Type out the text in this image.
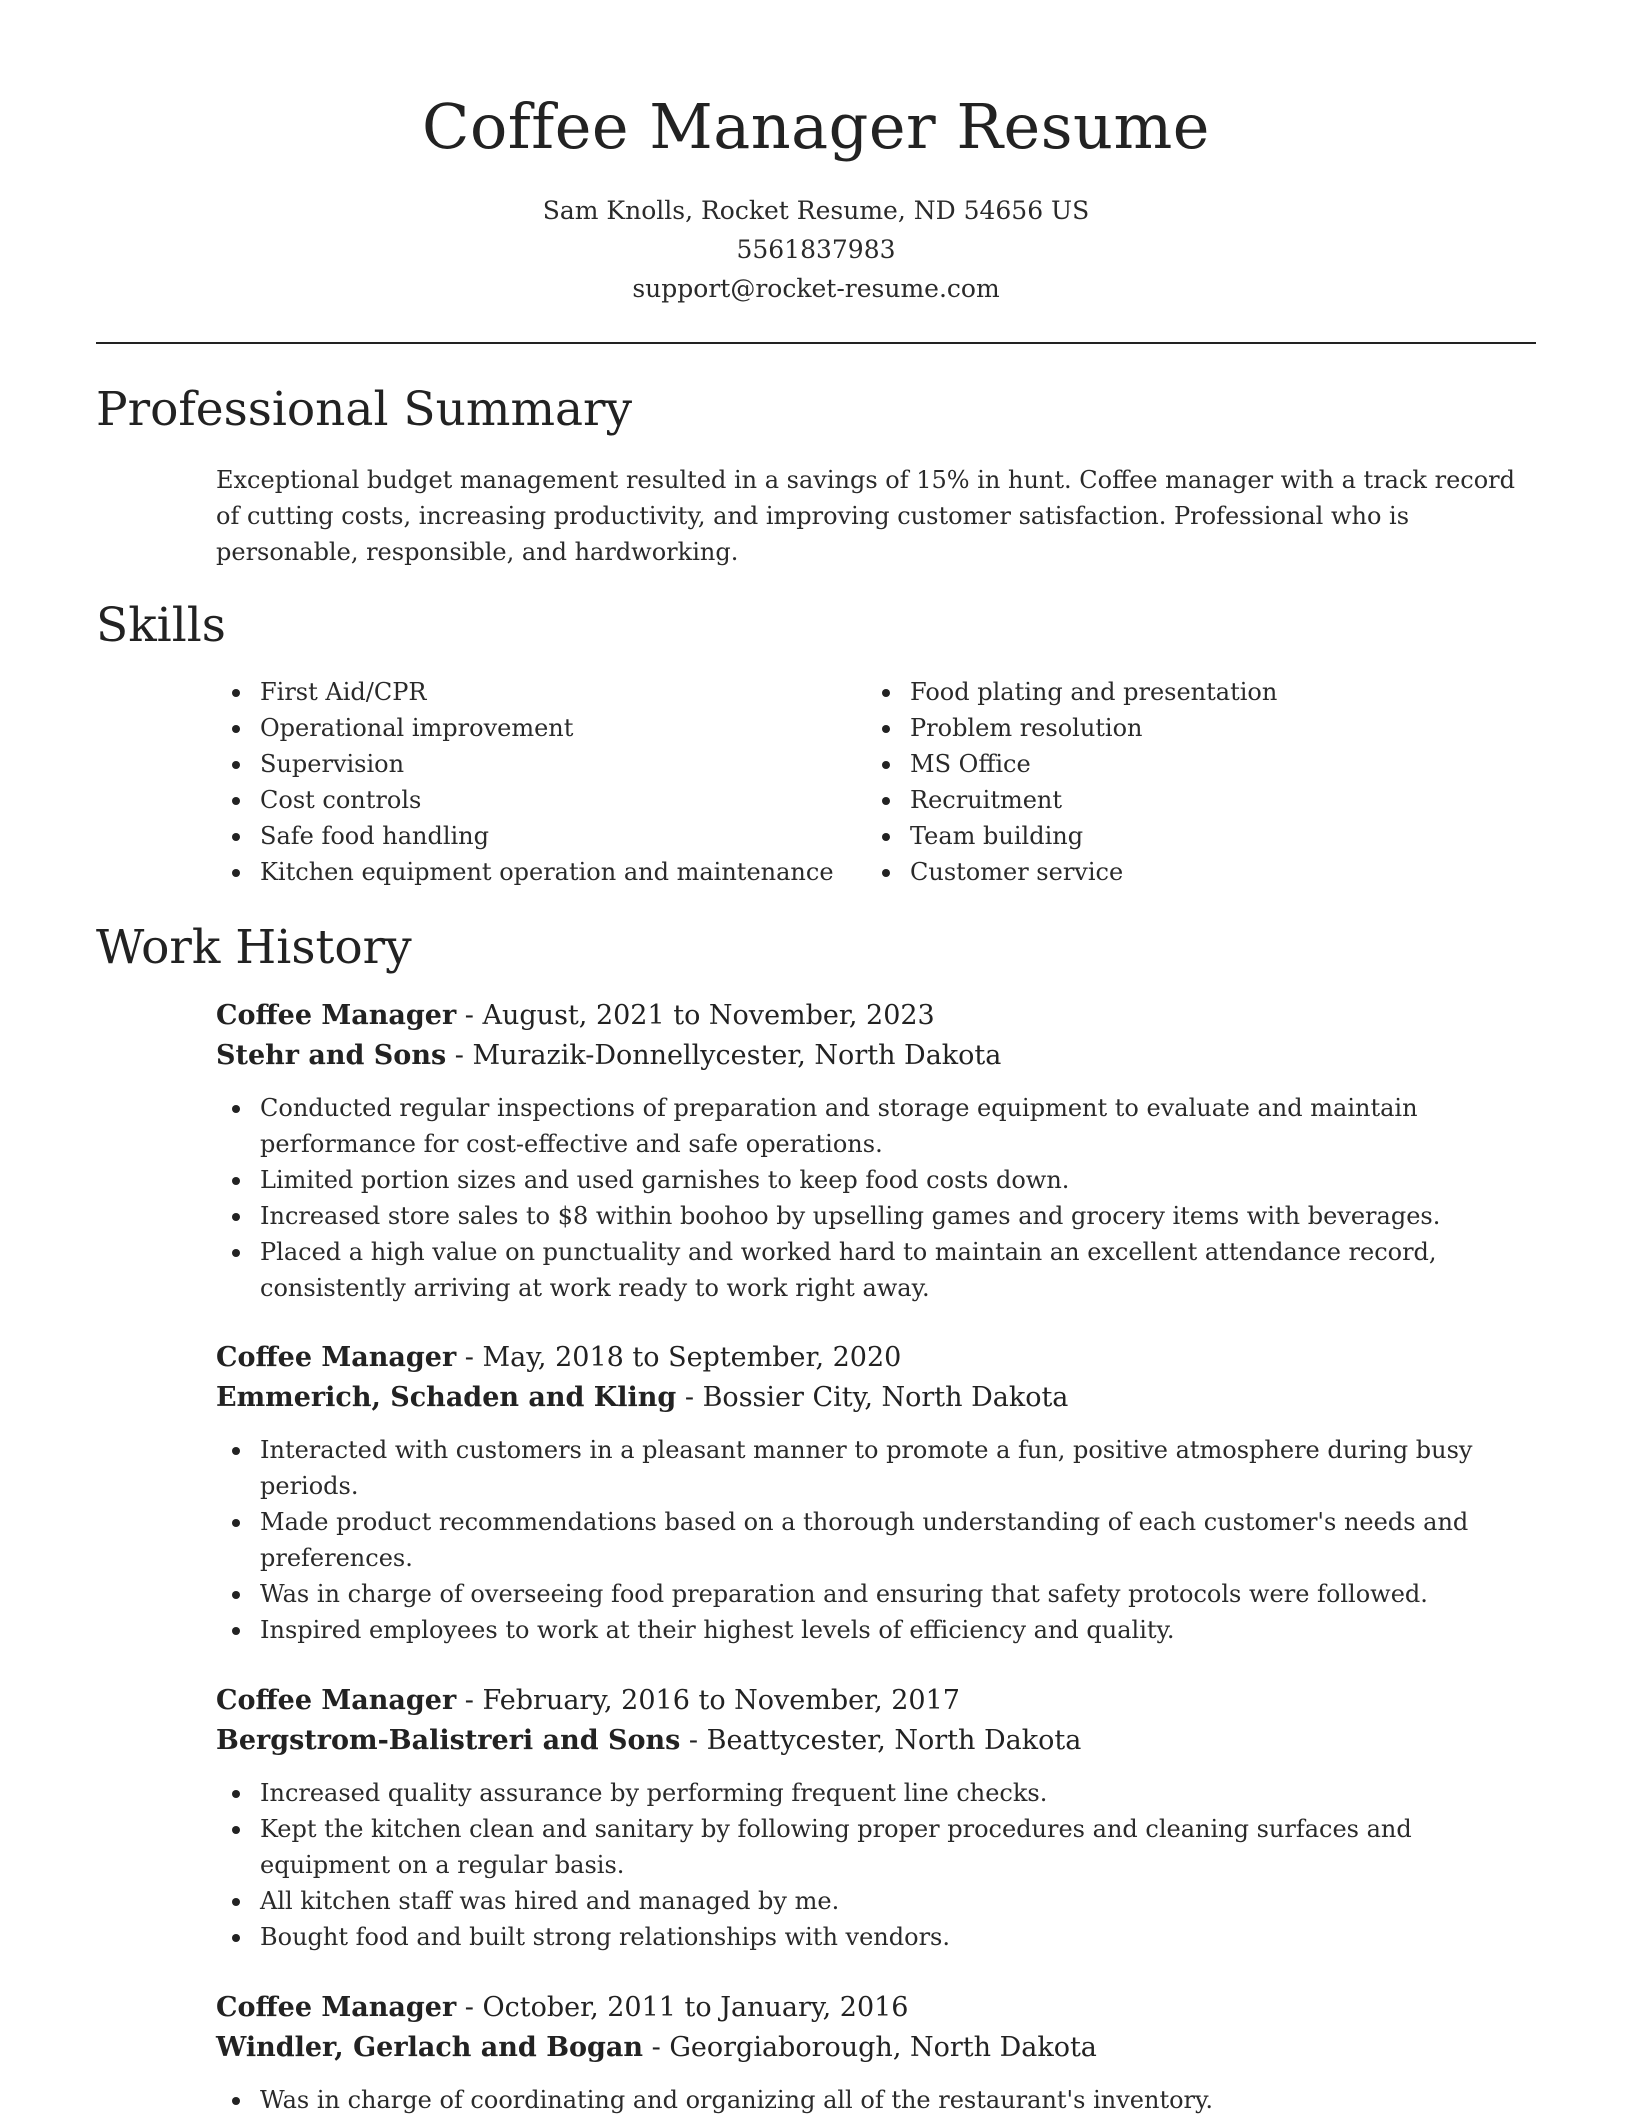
Coffee Manager Resume
Sam Knolls, Rocket Resume, ND 54656 US
5561837983
support@rocket-resume.com
Professional Summary

Exceptional budget management resulted in a savings of 15% in hunt. Coffee manager with a track record of cutting costs, increasing productivity, and improving customer satisfaction. Professional who is personable, responsible, and hardworking.

Skills
First Aid/CPR
Operational improvement
Supervision
Cost controls
Safe food handling
Kitchen equipment operation and maintenance
Food plating and presentation
Problem resolution
MS Office
Recruitment
Team building
Customer service
Work History
Coffee Manager - August, 2021 to November, 2023
Stehr and Sons - Murazik-Donnellycester, North Dakota
Conducted regular inspections of preparation and storage equipment to evaluate and maintain performance for cost-effective and safe operations.
Limited portion sizes and used garnishes to keep food costs down.
Increased store sales to $8 within boohoo by upselling games and grocery items with beverages.
Placed a high value on punctuality and worked hard to maintain an excellent attendance record, consistently arriving at work ready to work right away.
Coffee Manager - May, 2018 to September, 2020
Emmerich, Schaden and Kling - Bossier City, North Dakota
Interacted with customers in a pleasant manner to promote a fun, positive atmosphere during busy periods.
Made product recommendations based on a thorough understanding of each customer's needs and preferences.
Was in charge of overseeing food preparation and ensuring that safety protocols were followed.
Inspired employees to work at their highest levels of efficiency and quality.
Coffee Manager - February, 2016 to November, 2017
Bergstrom-Balistreri and Sons - Beattycester, North Dakota
Increased quality assurance by performing frequent line checks.
Kept the kitchen clean and sanitary by following proper procedures and cleaning surfaces and equipment on a regular basis.
All kitchen staff was hired and managed by me.
Bought food and built strong relationships with vendors.
Coffee Manager - October, 2011 to January, 2016
Windler, Gerlach and Bogan - Georgiaborough, North Dakota
Was in charge of coordinating and organizing all of the restaurant's inventory.
